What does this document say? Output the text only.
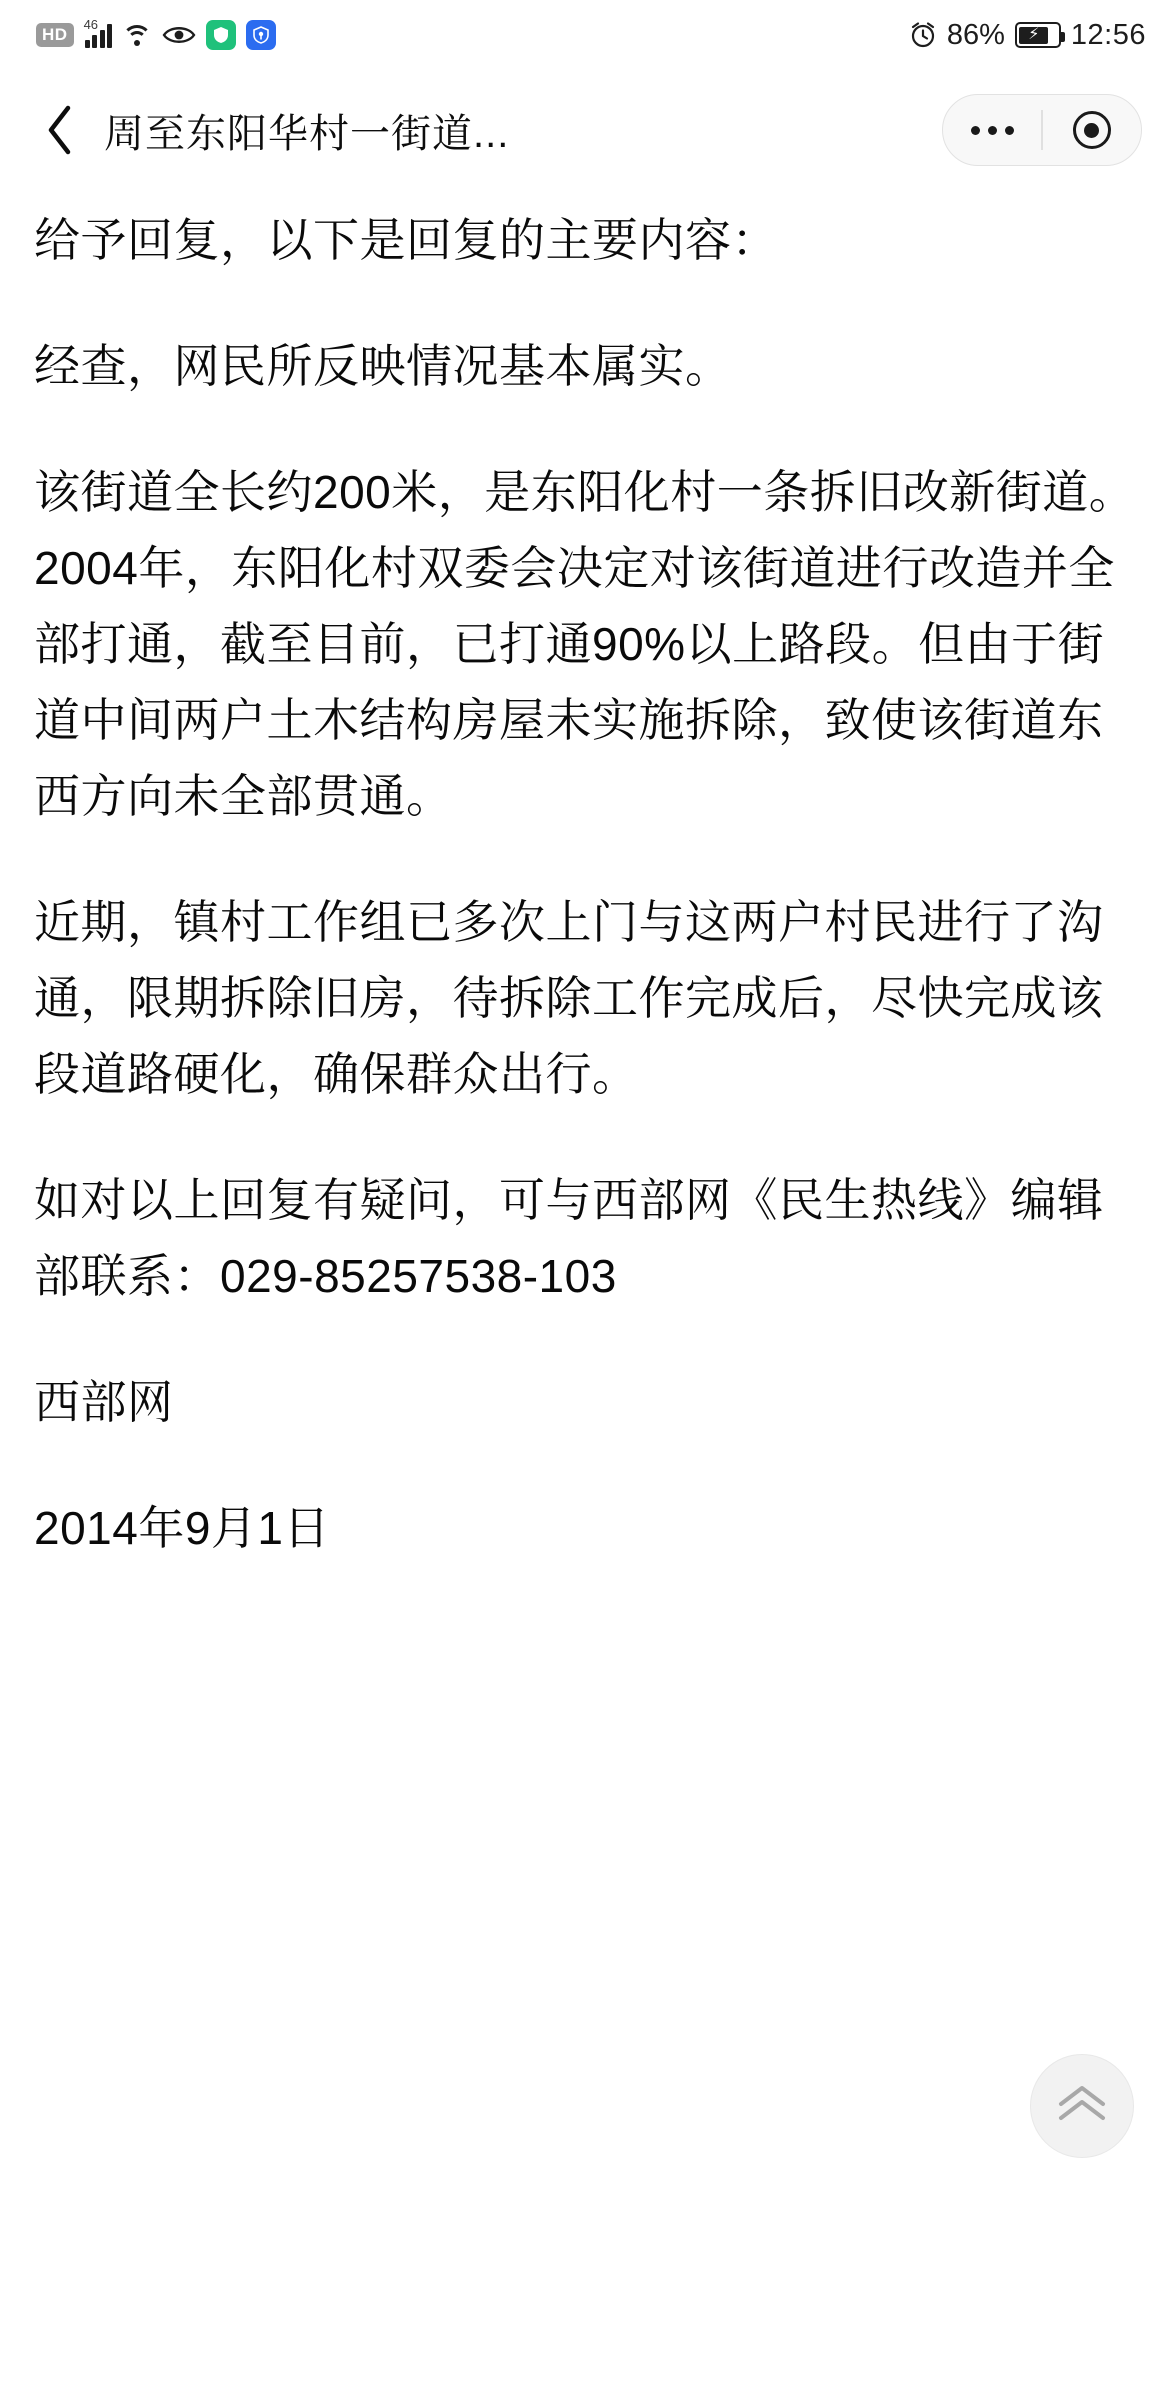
HD
46	86% ⚡ 12:56
周至东阳华村一街道...

给予回复，以下是回复的主要内容：

经查，网民所反映情况基本属实。

该街道全长约200米，是东阳化村一条拆旧改新街道。2004年，东阳化村双委会决定对该街道进行改造并全部打通，截至目前，已打通90%以上路段。但由于街道中间两户土木结构房屋未实施拆除，致使该街道东西方向未全部贯通。

近期，镇村工作组已多次上门与这两户村民进行了沟通，限期拆除旧房，待拆除工作完成后，尽快完成该段道路硬化，确保群众出行。

如对以上回复有疑问，可与西部网《民生热线》编辑部联系：029-85257538-103

西部网

2014年9月1日
